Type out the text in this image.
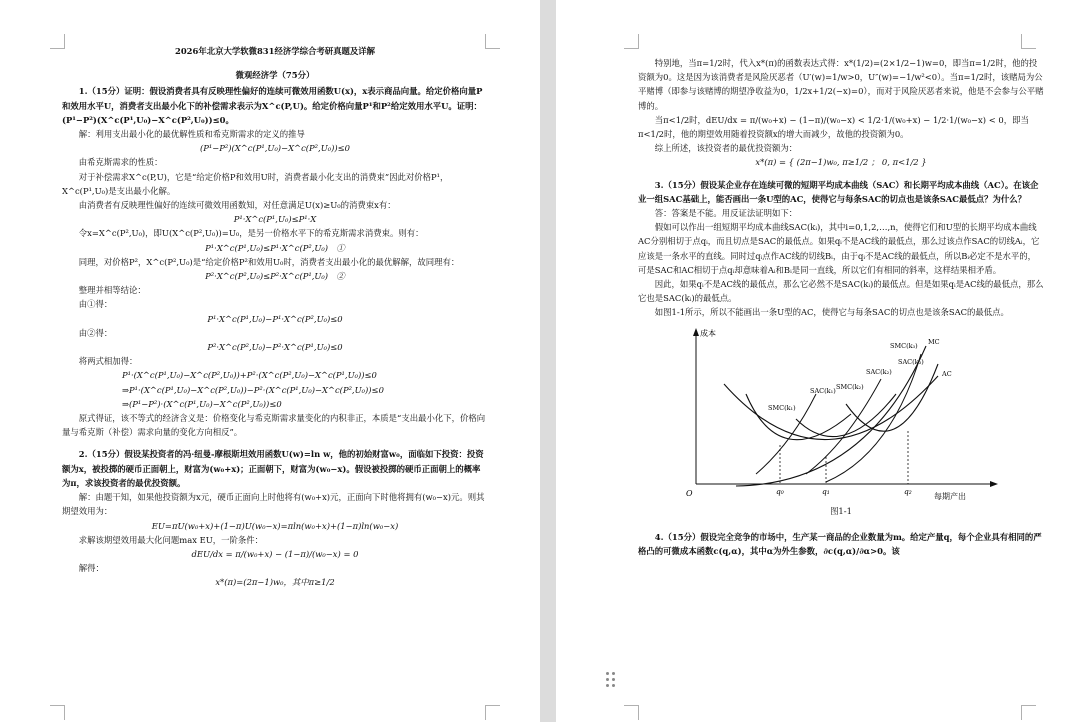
2026年北京大学软微831经济学综合考研真题及详解

微观经济学（75分）

1.（15分）证明：假设消费者具有反映理性偏好的连续可微效用函数U(x)，x表示商品向量。给定价格向量P和效用水平U，消费者支出最小化下的补偿需求表示为X^c(P,U)。给定价格向量P¹和P²给定效用水平U。证明：(P¹−P²)(X^c(P¹,U₀)−X^c(P²,U₀))≤0。

解：利用支出最小化的最优解性质和希克斯需求的定义的推导

(P¹−P²)(X^c(P¹,U₀)−X^c(P²,U₀))≤0

由希克斯需求的性质：

对于补偿需求X^c(P,U)，它是“给定价格P和效用U时，消费者最小化支出的消费束”因此对价格P¹，X^c(P¹,U₀)是支出最小化解。

由消费者有反映理性偏好的连续可微效用函数知，对任意满足U(x)≥U₀的消费束x有：

P¹·X^c(P¹,U₀)≤P¹·X

令x=X^c(P²,U₀)，即U(X^c(P²,U₀))=U₀，是另一价格水平下的希克斯需求消费束。则有：

P¹·X^c(P¹,U₀)≤P¹·X^c(P²,U₀)　①

同理，对价格P²，X^c(P²,U₀)是“给定价格P²和效用U₀时，消费者支出最小化的最优解解，故同理有：

P²·X^c(P²,U₀)≤P²·X^c(P¹,U₀)　②

整理并相等结论：

由①得：

P¹·X^c(P¹,U₀)−P¹·X^c(P²,U₀)≤0

由②得：

P²·X^c(P²,U₀)−P²·X^c(P¹,U₀)≤0

将两式相加得：

P¹·(X^c(P¹,U₀)−X^c(P²,U₀))+P²·(X^c(P²,U₀)−X^c(P¹,U₀))≤0

⇒P¹·(X^c(P¹,U₀)−X^c(P²,U₀))−P²·(X^c(P¹,U₀)−X^c(P²,U₀))≤0

⇒(P¹−P²)·(X^c(P¹,U₀)−X^c(P²,U₀))≤0

原式得证，该不等式的经济含义是：价格变化与希克斯需求量变化的内积非正，本质是“支出最小化下，价格向量与希克斯（补偿）需求向量的变化方向相反”。

2.（15分）假设某投资者的冯·纽曼-摩根斯坦效用函数U(w)=ln w，他的初始财富w₀，面临如下投资：投资额为x，被投掷的硬币正面朝上，财富为(w₀+x)；正面朝下，财富为(w₀−x)。假设被投掷的硬币正面朝上的概率为π，求该投资者的最优投资额。

解：由题干知，如果他投资额为x元，硬币正面向上时他将有(w₀+x)元，正面向下时他将拥有(w₀−x)元。则其期望效用为：

EU=πU(w₀+x)+(1−π)U(w₀−x)=πln(w₀+x)+(1−π)ln(w₀−x)

求解该期望效用最大化问题max EU，一阶条件：

dEU/dx = π/(w₀+x) − (1−π)/(w₀−x) = 0

解得：

x*(π)=(2π−1)w₀，其中π≥1/2

特别地，当π=1/2时，代入x*(π)的函数表达式得：x*(1/2)=(2×1/2−1)w=0，即当π=1/2时，他的投资额为0。这是因为该消费者是风险厌恶者（U′(w)=1/w>0，U″(w)=−1/w²<0）。当π=1/2时，该赌局为公平赌博（即参与该赌博的期望净收益为0，1/2x+1/2(−x)=0），而对于风险厌恶者来说，他是不会参与公平赌博的。

当π<1/2时，dEU/dx = π/(w₀+x) − (1−π)/(w₀−x) < 1/2·1/(w₀+x) − 1/2·1/(w₀−x) < 0，即当π<1/2时，他的期望效用随着投资额x的增大而减少，故他的投资额为0。

综上所述，该投资者的最优投资额为：

x*(π) = { (2π−1)w₀, π≥1/2 ； 0, π<1/2 }

3.（15分）假设某企业存在连续可微的短期平均成本曲线（SAC）和长期平均成本曲线（AC）。在该企业一组SAC基础上，能否画出一条U型的AC，使得它与每条SAC的切点也是该条SAC最低点？为什么？

答：答案是不能。用反证法证明如下：

假如可以作出一组短期平均成本曲线SAC(kᵢ)，其中i=0,1,2,…,n，使得它们和U型的长期平均成本曲线AC分别相切于点qᵢ，而且切点是SAC的最低点。如果qᵢ不是AC线的最低点，那么过该点作SAC的切线Aᵢ，它应该是一条水平的直线。同时过qᵢ点作AC线的切线Bᵢ，由于qᵢ不是AC线的最低点，所以Bᵢ必定不是水平的，可是SAC和AC相切于点qᵢ却意味着Aᵢ和Bᵢ是同一直线，所以它们有相同的斜率，这样结果相矛盾。

因此，如果qᵢ不是AC线的最低点，那么它必然不是SAC(kᵢ)的最低点。但是如果qᵢ是AC线的最低点，那么它也是SAC(kᵢ)的最低点。

如图1-1所示，所以不能画出一条U型的AC，使得它与每条SAC的切点也是该条SAC的最低点。

成本
每期产出
O	q₀	q₁	q₂
SMC(k₁)
SAC(k₁) SMC(k₂)
SAC(k₂)
SAC(k₃)
SMC(k₃) MC
AC

图1-1

4.（15分）假设完全竞争的市场中，生产某一商品的企业数量为m。给定产量q，每个企业具有相同的严格凸的可微成本函数c(q,α)，其中α为外生参数，∂c(q,α)/∂α>0。该
